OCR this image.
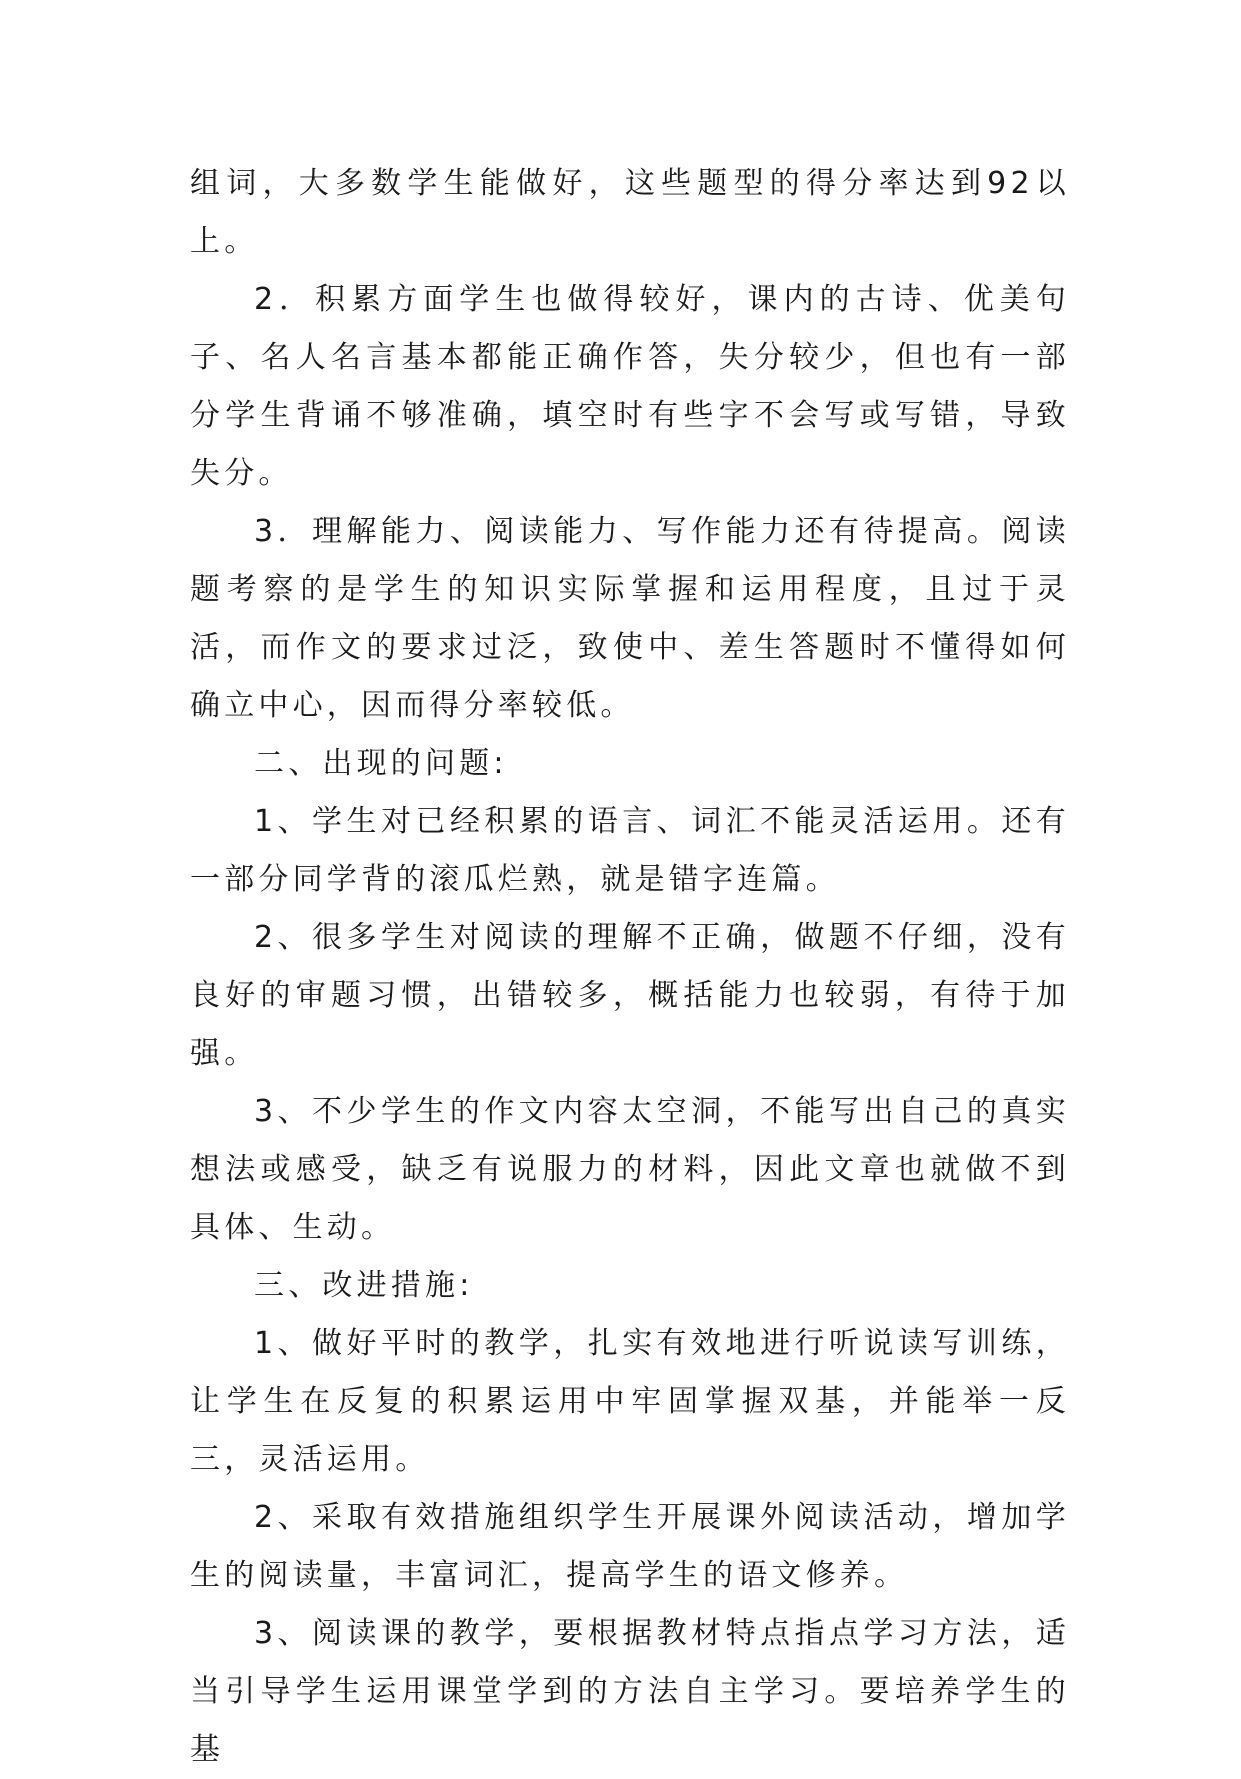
组词，大多数学生能做好，这些题型的得分率达到92以上。

2．积累方面学生也做得较好，课内的古诗、优美句子、名人名言基本都能正确作答，失分较少，但也有一部分学生背诵不够准确，填空时有些字不会写或写错，导致失分。

3．理解能力、阅读能力、写作能力还有待提高。阅读题考察的是学生的知识实际掌握和运用程度，且过于灵活，而作文的要求过泛，致使中、差生答题时不懂得如何确立中心，因而得分率较低。

二、出现的问题:

1、学生对已经积累的语言、词汇不能灵活运用。还有一部分同学背的滚瓜烂熟，就是错字连篇。

2、很多学生对阅读的理解不正确，做题不仔细，没有良好的审题习惯，出错较多，概括能力也较弱，有待于加强。

3、不少学生的作文内容太空洞，不能写出自己的真实想法或感受，缺乏有说服力的材料，因此文章也就做不到具体、生动。

三、改进措施:

1、做好平时的教学，扎实有效地进行听说读写训练，让学生在反复的积累运用中牢固掌握双基，并能举一反三，灵活运用。

2、采取有效措施组织学生开展课外阅读活动，增加学生的阅读量，丰富词汇，提高学生的语文修养。

3、阅读课的教学，要根据教材特点指点学习方法，适当引导学生运用课堂学到的方法自主学习。要培养学生的基
